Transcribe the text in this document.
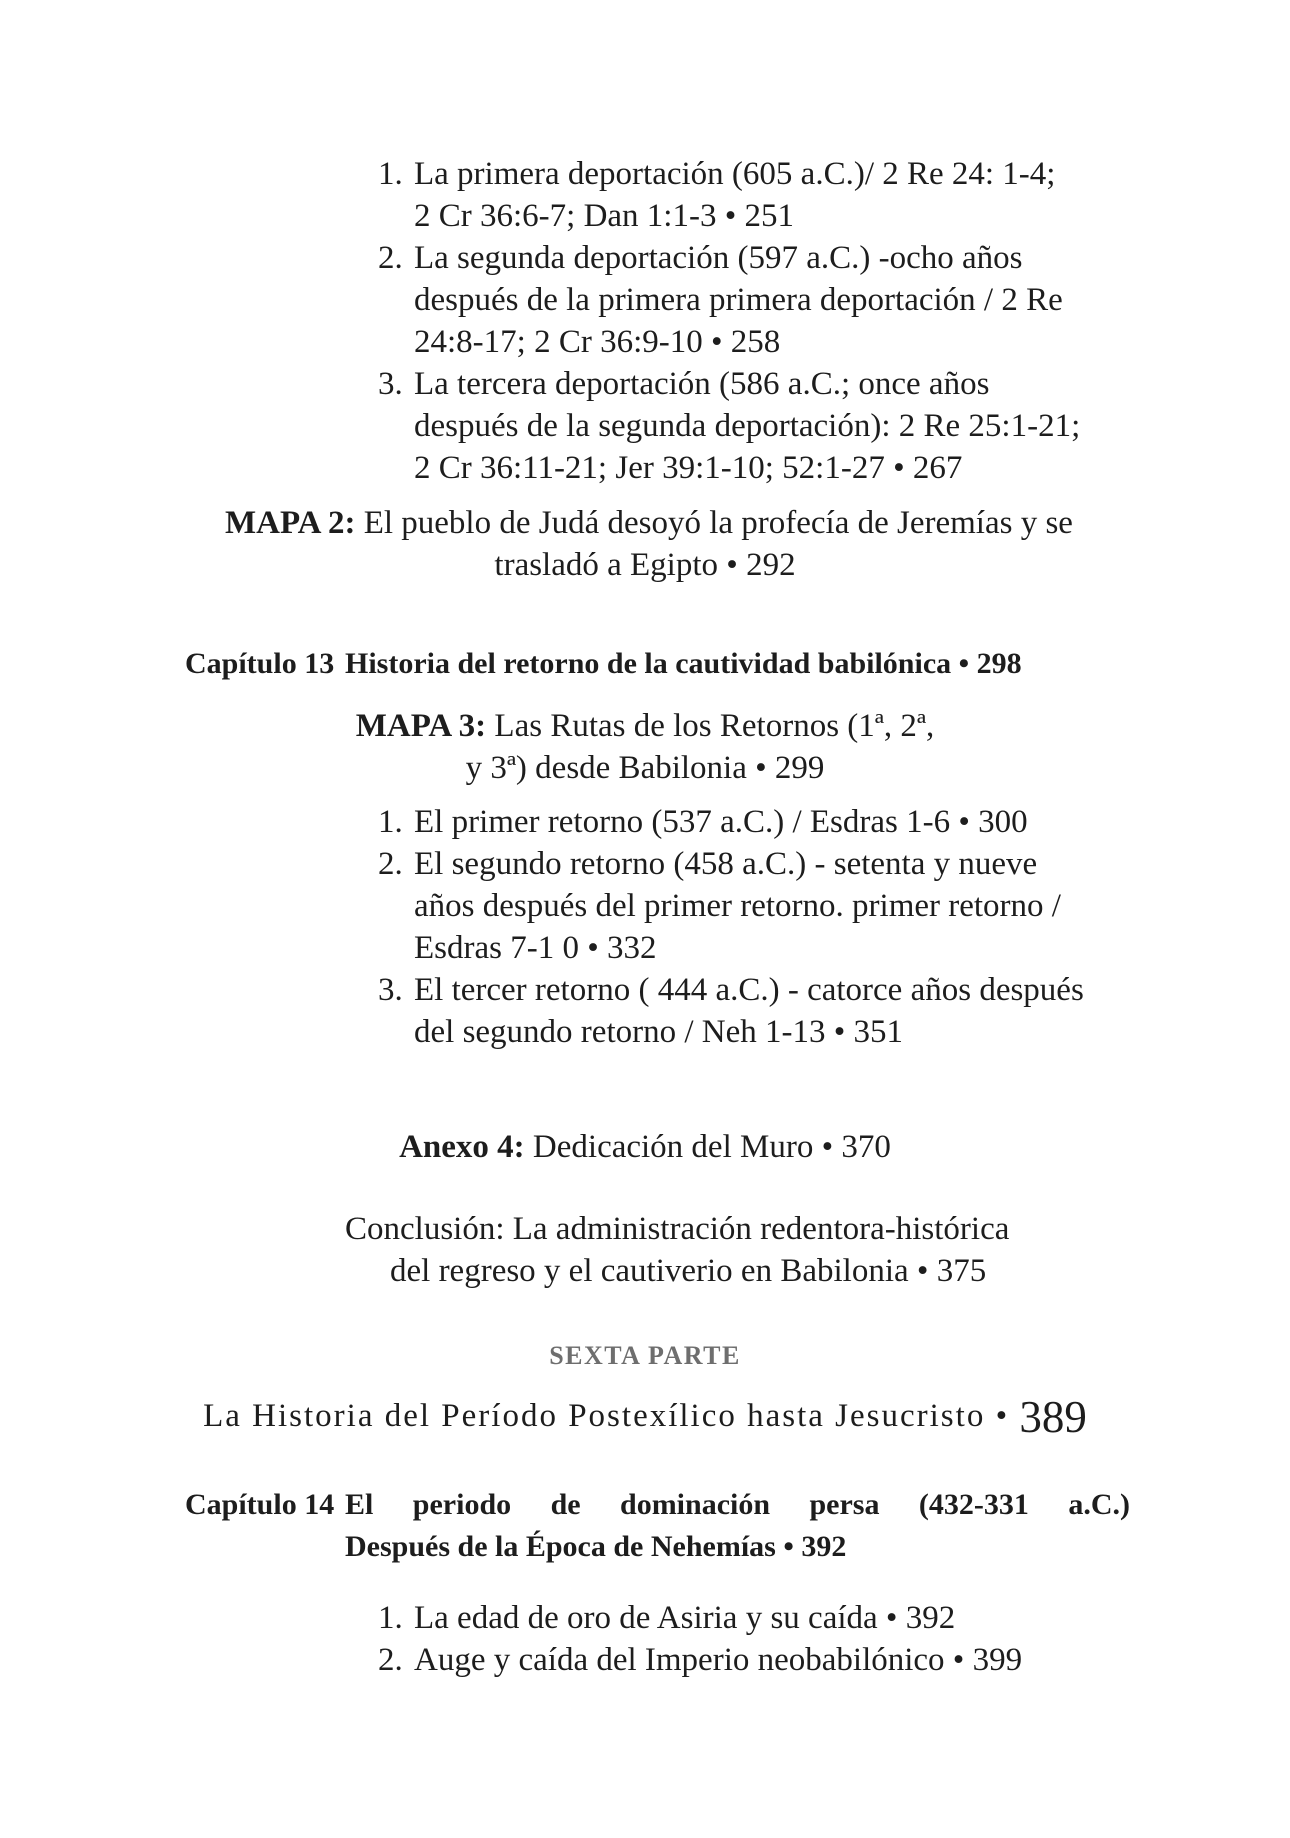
1. La primera deportación (605 a.C.)/ 2 Re 24: 1-4;
2 Cr 36:6-7; Dan 1:1-3 • 251
2. La segunda deportación (597 a.C.) -ocho años
después de la primera primera deportación / 2 Re
24:8-17; 2 Cr 36:9-10 • 258
3. La tercera deportación (586 a.C.; once años
después de la segunda deportación): 2 Re 25:1-21;
2 Cr 36:11-21; Jer 39:1-10; 52:1-27 • 267
MAPA 2: El pueblo de Judá desoyó la profecía de Jeremías y se
trasladó a Egipto • 292
Capítulo 13 Historia del retorno de la cautividad babilónica • 298
MAPA 3: Las Rutas de los Retornos (1ª, 2ª,
y 3ª) desde Babilonia • 299
1. El primer retorno (537 a.C.) / Esdras 1-6 • 300
2. El segundo retorno (458 a.C.) - setenta y nueve
años después del primer retorno. primer retorno /
Esdras 7-1 0 • 332
3. El tercer retorno ( 444 a.C.) - catorce años después
del segundo retorno / Neh 1-13 • 351
Anexo 4: Dedicación del Muro • 370
Conclusión: La administración redentora-histórica
del regreso y el cautiverio en Babilonia • 375
SEXTA PARTE
La Historia del Período Postexílico hasta Jesucristo • 389
Capítulo 14 El periodo de dominación persa (432-331 a.C.)
Después de la Época de Nehemías • 392
1. La edad de oro de Asiria y su caída • 392
2. Auge y caída del Imperio neobabilónico • 399
